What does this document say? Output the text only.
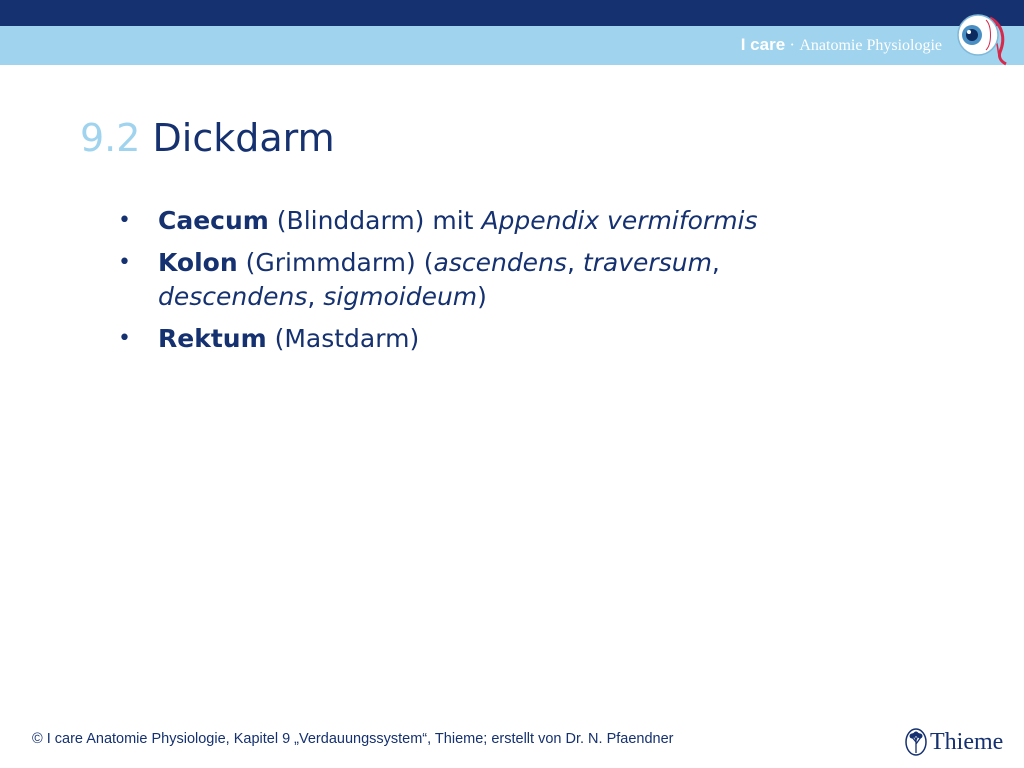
I care · Anatomie Physiologie
9.2 Dickdarm
• Caecum (Blinddarm) mit Appendix vermiformis
• Kolon (Grimmdarm) (ascendens, traversum,
descendens, sigmoideum)
• Rektum (Mastdarm)
© I care Anatomie Physiologie, Kapitel 9 „Verdauungssystem“, Thieme; erstellt von Dr. N. Pfaendner	Thieme
